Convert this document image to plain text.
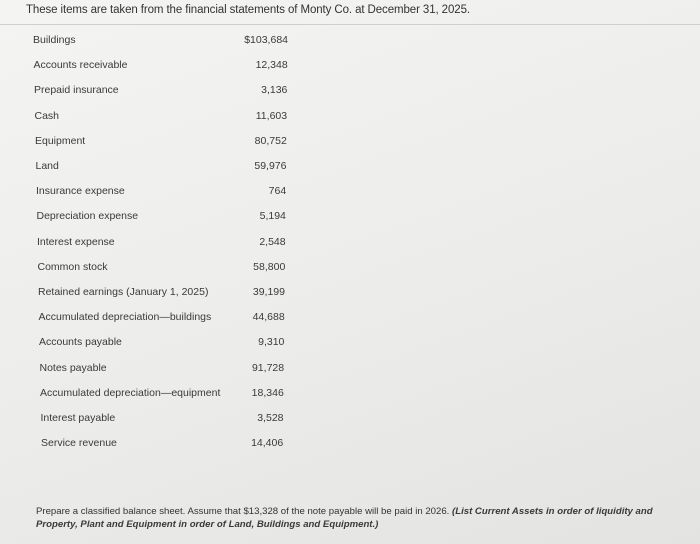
These items are taken from the financial statements of Monty Co. at December 31, 2025.
Buildings	$103,684
Accounts receivable	12,348
Prepaid insurance	3,136
Cash	11,603
Equipment	80,752
Land	59,976
Insurance expense	764
Depreciation expense	5,194
Interest expense	2,548
Common stock	58,800
Retained earnings (January 1, 2025)	39,199
Accumulated depreciation—buildings	44,688
Accounts payable	9,310
Notes payable	91,728
Accumulated depreciation—equipment	18,346
Interest payable	3,528
Service revenue	14,406
Prepare a classified balance sheet. Assume that $13,328 of the note payable will be paid in 2026. (List Current Assets in order of liquidity and Property, Plant and Equipment in order of Land, Buildings and Equipment.)
